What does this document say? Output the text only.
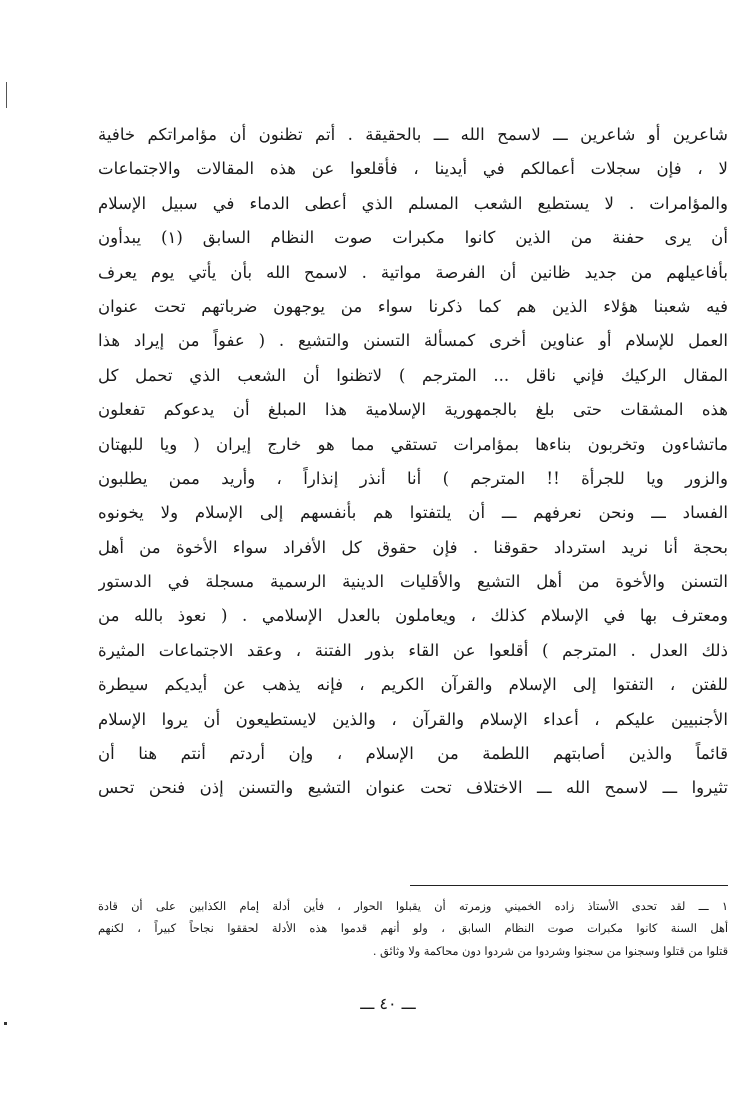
شاعرين أو شاعرين ـــ لاسمح الله ـــ بالحقيقة . أتم تظنون أن مؤامراتكم خافية
لا ، فإن سجلات أعمالكم في أيدينا ، فأقلعوا عن هذه المقالات والاجتماعات
والمؤامرات . لا يستطيع الشعب المسلم الذي أعطى الدماء في سبيل الإسلام
أن يرى حفنة من الذين كانوا مكبرات صوت النظام السابق (١) يبدأون
بأفاعيلهم من جديد ظانين أن الفرصة مواتية . لاسمح الله بأن يأتي يوم يعرف
فيه شعبنا هؤلاء الذين هم كما ذكرنا سواء من يوجهون ضرباتهم تحت عنوان
العمل للإسلام أو عناوين أخرى كمسألة التسنن والتشيع . ( عفواً من إيراد هذا
المقال الركيك فإني ناقل ... المترجم ) لاتظنوا أن الشعب الذي تحمل كل
هذه المشقات حتى بلغ بالجمهورية الإسلامية هذا المبلغ أن يدعوكم تفعلون
ماتشاءون وتخربون بناءها بمؤامرات تستقي مما هو خارج إيران ( ويا للبهتان
والزور ويا للجرأة !! المترجم ) أنا أنذر إنذاراً ، وأريد ممن يطلبون
الفساد ـــ ونحن نعرفهم ـــ أن يلتفتوا هم بأنفسهم إلى الإسلام ولا يخونوه
بحجة أنا نريد استرداد حقوقنا . فإن حقوق كل الأفراد سواء الأخوة من أهل
التسنن والأخوة من أهل التشيع والأقليات الدينية الرسمية مسجلة في الدستور
ومعترف بها في الإسلام كذلك ، ويعاملون بالعدل الإسلامي . ( نعوذ بالله من
ذلك العدل . المترجم ) أقلعوا عن القاء بذور الفتنة ، وعقد الاجتماعات المثيرة
للفتن ، التفتوا إلى الإسلام والقرآن الكريم ، فإنه يذهب عن أيديكم سيطرة
الأجنبيين عليكم ، أعداء الإسلام والقرآن ، والذين لايستطيعون أن يروا الإسلام
قائماً والذين أصابتهم اللطمة من الإسلام ، وإن أردتم أنتم هنا أن
تثيروا ـــ لاسمح الله ـــ الاختلاف تحت عنوان التشيع والتسنن إذن فنحن تحس
١ ـــ لقد تحدى الأستاذ زاده الخميني وزمرته أن يقبلوا الحوار ، فأين أدلة إمام الكذابين على أن قادة
أهل السنة كانوا مكبرات صوت النظام السابق ، ولو أنهم قدموا هذه الأدلة لحققوا نجاحاً كبيراً ، لكنهم
قتلوا من قتلوا وسجنوا من سجنوا وشردوا من شردوا دون محاكمة ولا وثائق .
ـــ ٤٠ ـــ
